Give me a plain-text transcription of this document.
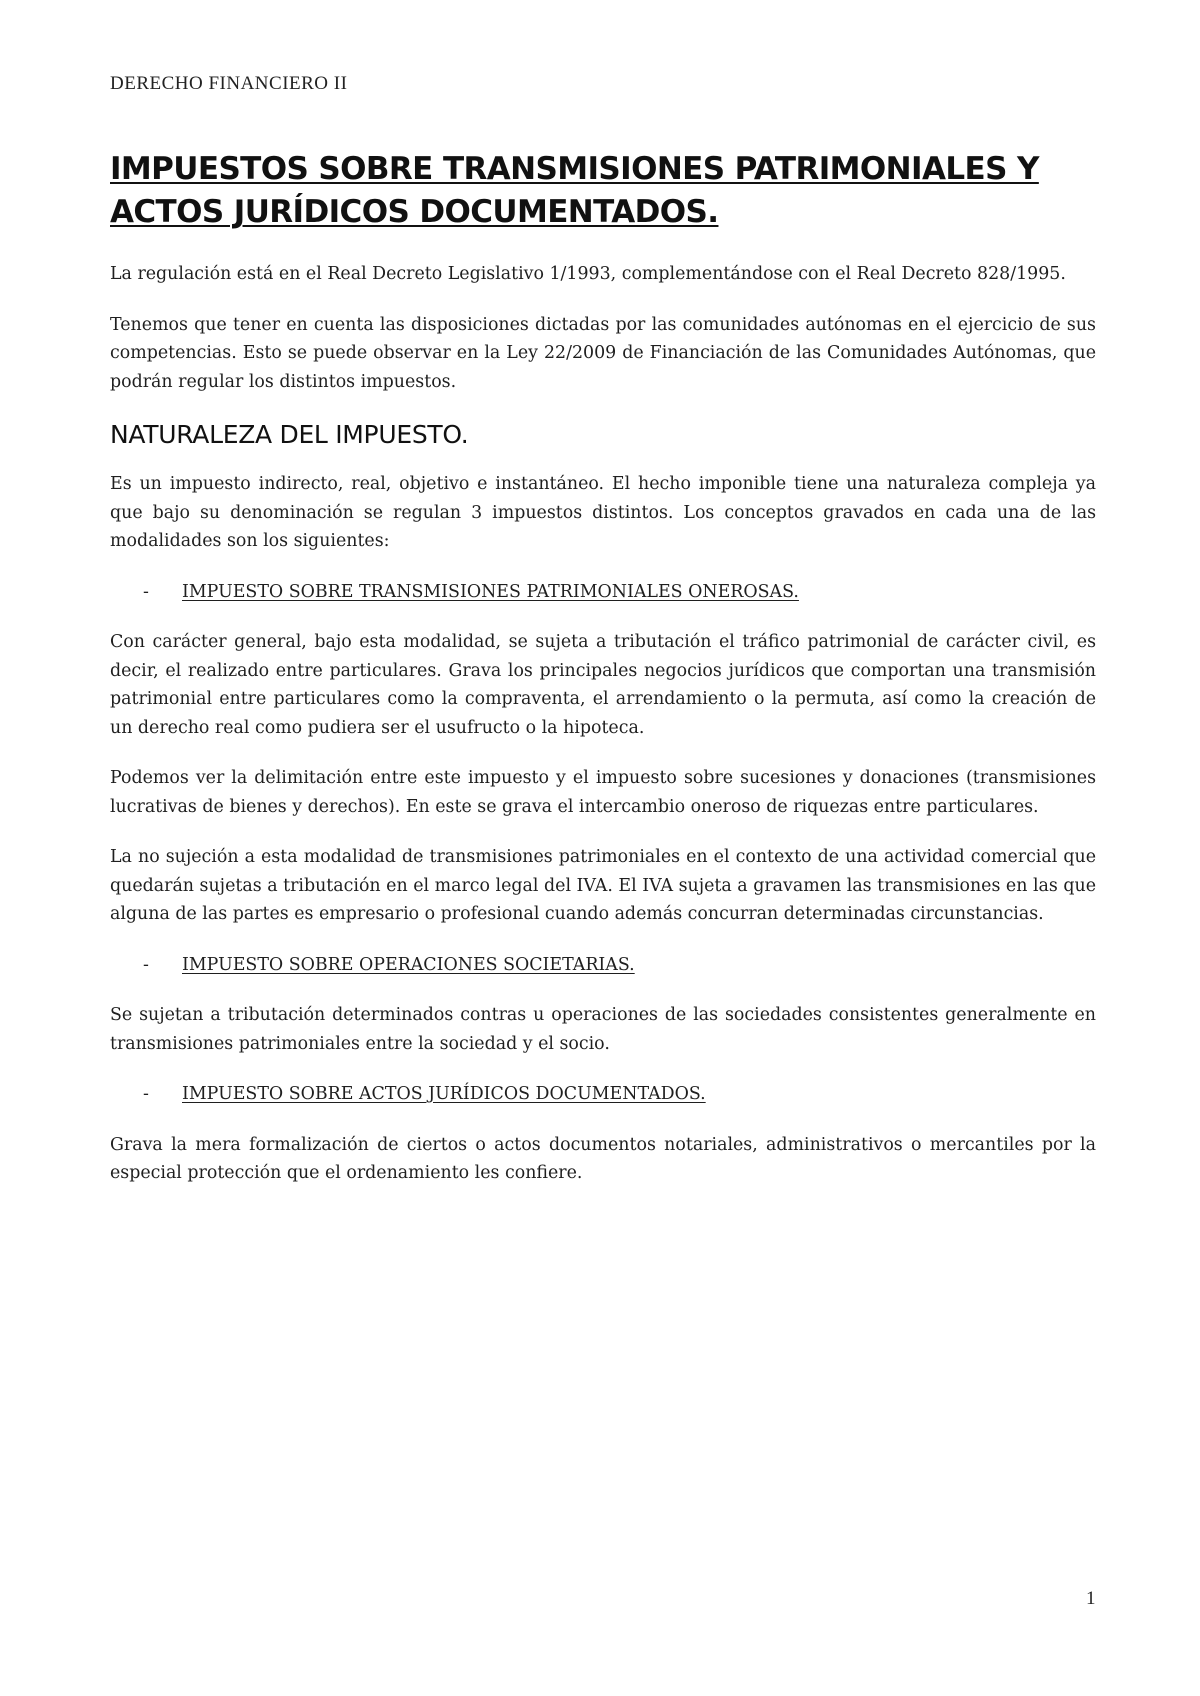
DERECHO FINANCIERO II
IMPUESTOS SOBRE TRANSMISIONES PATRIMONIALES Y ACTOS JURÍDICOS DOCUMENTADOS.

La regulación está en el Real Decreto Legislativo 1/1993, complementándose con el Real Decreto 828/1995.

Tenemos que tener en cuenta las disposiciones dictadas por las comunidades autónomas en el ejercicio de sus competencias. Esto se puede observar en la Ley 22/2009 de Financiación de las Comunidades Autónomas, que podrán regular los distintos impuestos.

NATURALEZA DEL IMPUESTO.

Es un impuesto indirecto, real, objetivo e instantáneo. El hecho imponible tiene una naturaleza compleja ya que bajo su denominación se regulan 3 impuestos distintos. Los conceptos gravados en cada una de las modalidades son los siguientes:

-	IMPUESTO SOBRE TRANSMISIONES PATRIMONIALES ONEROSAS.

Con carácter general, bajo esta modalidad, se sujeta a tributación el tráfico patrimonial de carácter civil, es decir, el realizado entre particulares. Grava los principales negocios jurídicos que comportan una transmisión patrimonial entre particulares como la compraventa, el arrendamiento o la permuta, así como la creación de un derecho real como pudiera ser el usufructo o la hipoteca.

Podemos ver la delimitación entre este impuesto y el impuesto sobre sucesiones y donaciones (transmisiones lucrativas de bienes y derechos). En este se grava el intercambio oneroso de riquezas entre particulares.

La no sujeción a esta modalidad de transmisiones patrimoniales en el contexto de una actividad comercial que quedarán sujetas a tributación en el marco legal del IVA. El IVA sujeta a gravamen las transmisiones en las que alguna de las partes es empresario o profesional cuando además concurran determinadas circunstancias.

-	IMPUESTO SOBRE OPERACIONES SOCIETARIAS.

Se sujetan a tributación determinados contras u operaciones de las sociedades consistentes generalmente en transmisiones patrimoniales entre la sociedad y el socio.

-	IMPUESTO SOBRE ACTOS JURÍDICOS DOCUMENTADOS.

Grava la mera formalización de ciertos o actos documentos notariales, administrativos o mercantiles por la especial protección que el ordenamiento les confiere.

1
